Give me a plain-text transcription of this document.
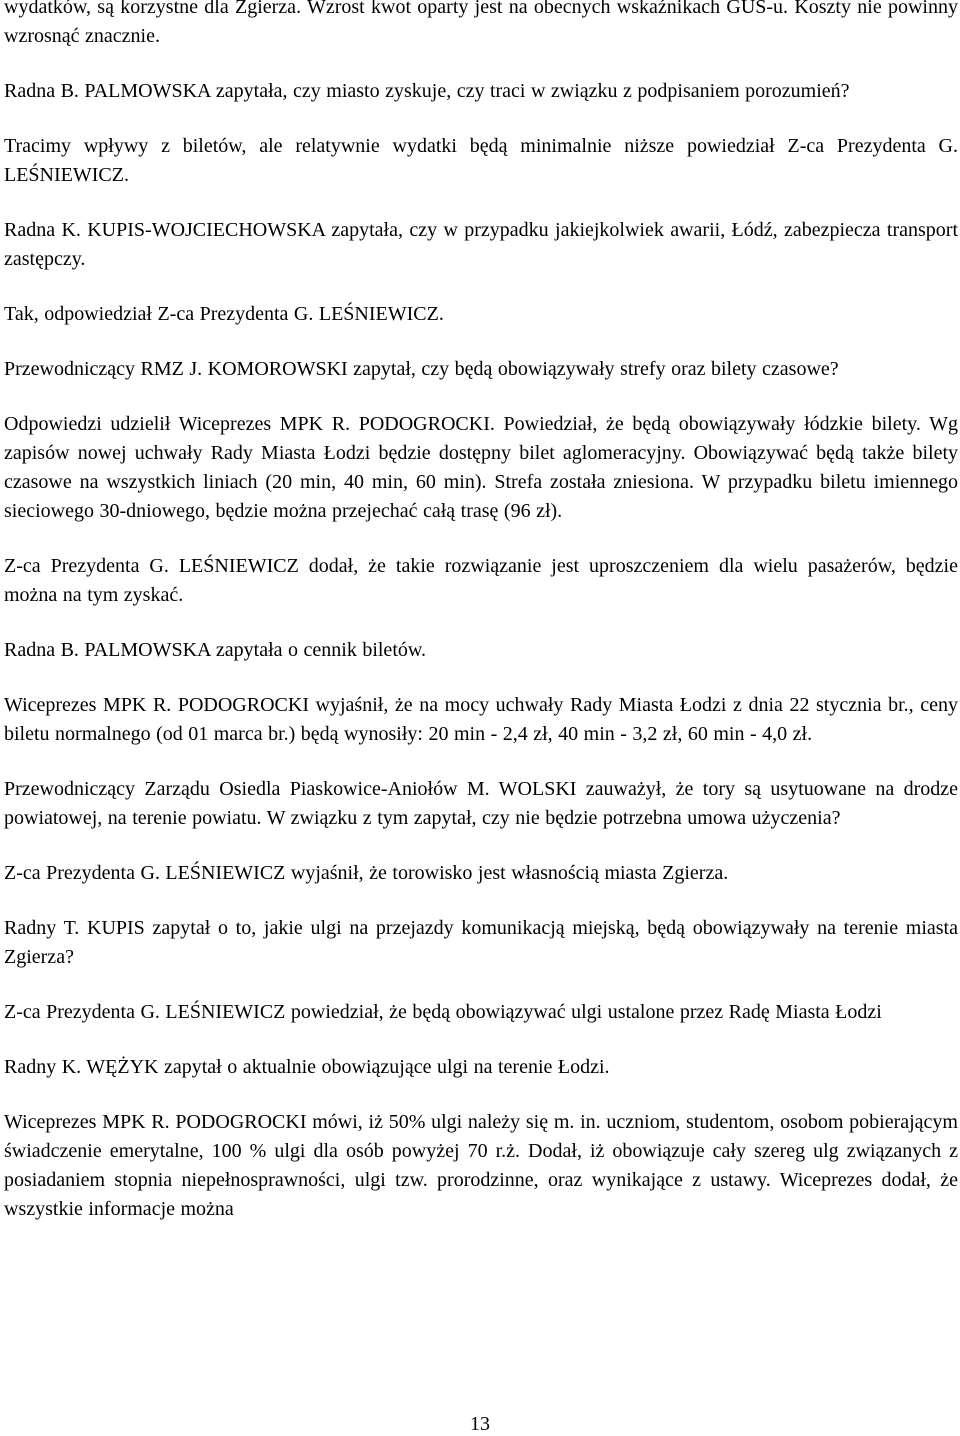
wydatków, są korzystne dla Zgierza. Wzrost kwot oparty jest na obecnych wskaźnikach GUS-u. Koszty nie powinny wzrosnąć znacznie.

Radna B. PALMOWSKA zapytała, czy miasto zyskuje, czy traci w związku z podpisaniem porozumień?

Tracimy wpływy z biletów, ale relatywnie wydatki będą minimalnie niższe powiedział Z-ca Prezydenta G. LEŚNIEWICZ.

Radna K. KUPIS-WOJCIECHOWSKA zapytała, czy w przypadku jakiejkolwiek awarii, Łódź, zabezpiecza transport zastępczy.

Tak, odpowiedział Z-ca Prezydenta G. LEŚNIEWICZ.

Przewodniczący RMZ J. KOMOROWSKI zapytał, czy będą obowiązywały strefy oraz bilety czasowe?

Odpowiedzi udzielił Wiceprezes MPK R. PODOGROCKI. Powiedział, że będą obowiązywały łódzkie bilety. Wg zapisów nowej uchwały Rady Miasta Łodzi będzie dostępny bilet aglomeracyjny. Obowiązywać będą także bilety czasowe na wszystkich liniach (20 min, 40 min, 60 min). Strefa została zniesiona. W przypadku biletu imiennego sieciowego 30-dniowego, będzie można przejechać całą trasę (96 zł).

Z-ca Prezydenta G. LEŚNIEWICZ dodał, że takie rozwiązanie jest uproszczeniem dla wielu pasażerów, będzie można na tym zyskać.

Radna B. PALMOWSKA zapytała o cennik biletów.

Wiceprezes MPK R. PODOGROCKI wyjaśnił, że na mocy uchwały Rady Miasta Łodzi z dnia 22 stycznia br., ceny biletu normalnego (od 01 marca br.) będą wynosiły: 20 min - 2,4 zł, 40 min - 3,2 zł, 60 min - 4,0 zł.

Przewodniczący Zarządu Osiedla Piaskowice-Aniołów M. WOLSKI zauważył, że tory są usytuowane na drodze powiatowej, na terenie powiatu. W związku z tym zapytał, czy nie będzie potrzebna umowa użyczenia?

Z-ca Prezydenta G. LEŚNIEWICZ wyjaśnił, że torowisko jest własnością miasta Zgierza.

Radny T. KUPIS zapytał o to, jakie ulgi na przejazdy komunikacją miejską, będą obowiązywały na terenie miasta Zgierza?

Z-ca Prezydenta G. LEŚNIEWICZ powiedział, że będą obowiązywać ulgi ustalone przez Radę Miasta Łodzi

Radny K. WĘŻYK zapytał o aktualnie obowiązujące ulgi na terenie Łodzi.

Wiceprezes MPK R. PODOGROCKI mówi, iż 50% ulgi należy się m. in. uczniom, studentom, osobom pobierającym świadczenie emerytalne, 100 % ulgi dla osób powyżej 70 r.ż. Dodał, iż obowiązuje cały szereg ulg związanych z posiadaniem stopnia niepełnosprawności, ulgi tzw. prorodzinne, oraz wynikające z ustawy. Wiceprezes dodał, że wszystkie informacje można

13
